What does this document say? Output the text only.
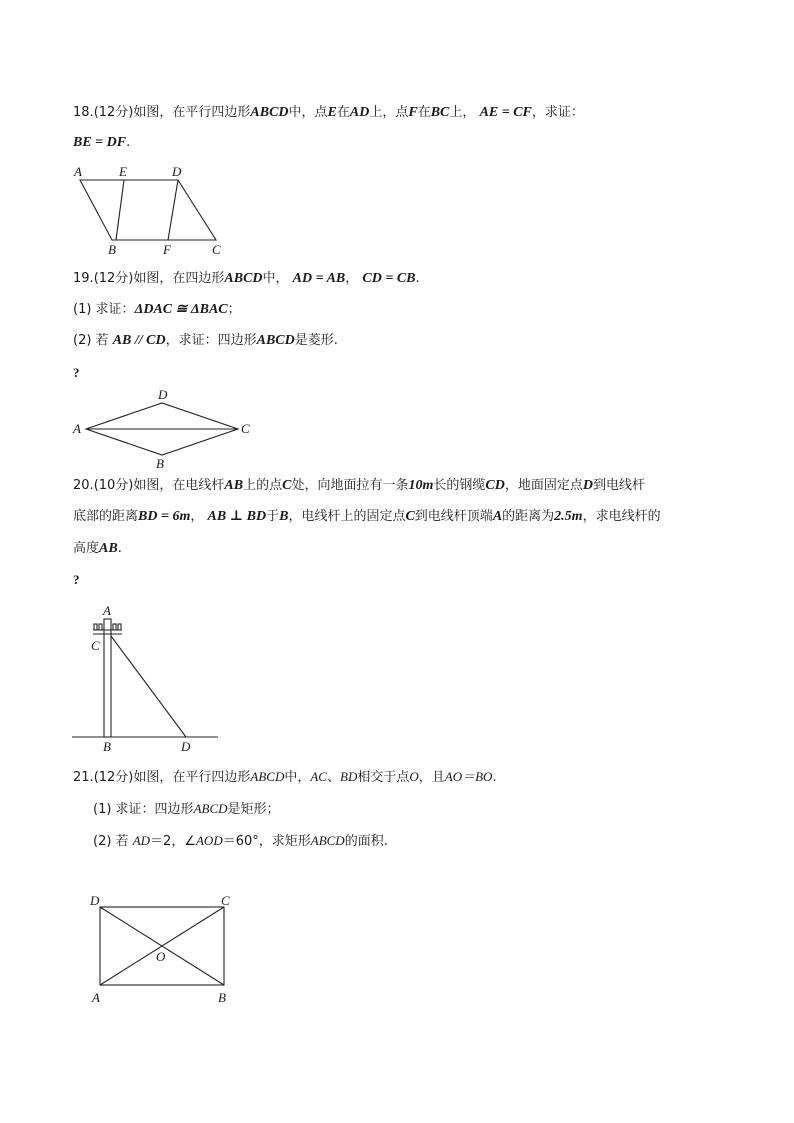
18.(12分)如图，在平行四边形ABCD中，点E在AD上，点F在BC上， AE = CF，求证：
BE = DF.
A	E	D
B	F	C
A
D
C
B
A
C
B	D
D	C
O
A	B
19.(12分)如图，在四边形ABCD中， AD = AB， CD = CB.
(1) 求证：ΔDAC ≅ ΔBAC；
(2) 若 AB // CD，求证：四边形ABCD是菱形.
?
20.(10分)如图，在电线杆AB上的点C处，向地面拉有一条10m长的钢缆CD，地面固定点D到电线杆
底部的距离BD = 6m， AB ⊥ BD于B，电线杆上的固定点C到电线杆顶端A的距离为2.5m，求电线杆的
高度AB.
?
21.(12分)如图，在平行四边形ABCD中，AC、BD相交于点O，且AO＝BO.
(1) 求证：四边形ABCD是矩形；
(2) 若 AD＝2，∠AOD＝60°，求矩形ABCD的面积.
